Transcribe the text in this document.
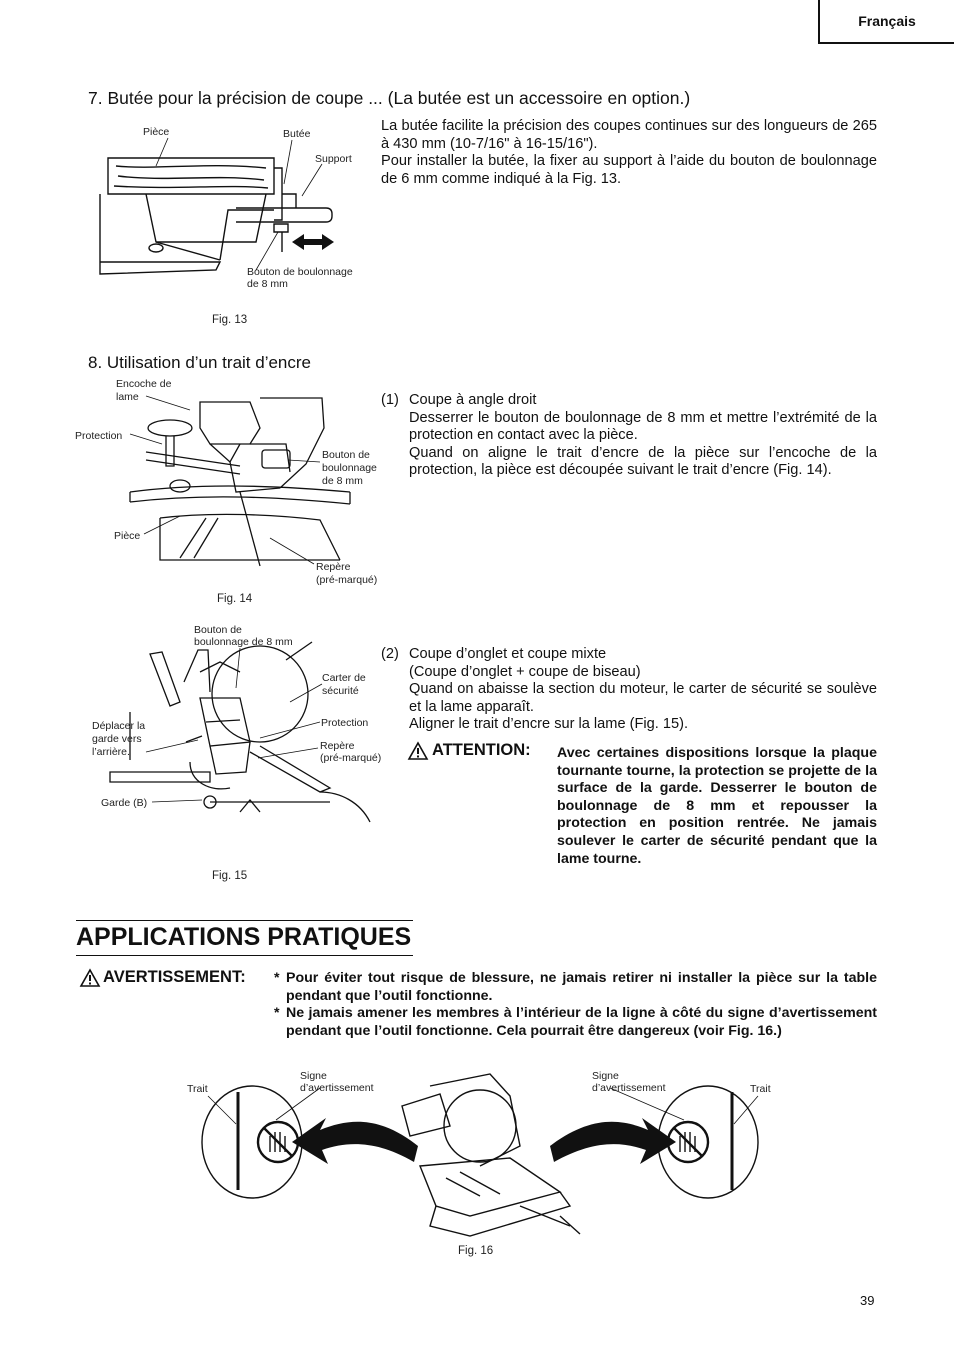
Français
7. Butée pour la précision de coupe ... (La butée est un accessoire en option.)
Pièce	Butée
Support
Bouton de boulonnage
de 8 mm
Fig. 13
La butée facilite la précision des coupes continues sur des longueurs de 265 à 430 mm (10-7/16" à 16-15/16").
Pour installer la butée, la fixer au support à l’aide du bouton de boulonnage de 6 mm comme indiqué à la Fig. 13.
8. Utilisation d’un trait d’encre
Encoche de
lame
Protection
Bouton de
boulonnage
de 8 mm
Pièce
Repère
(pré-marqué)
Fig. 14
(1) Coupe à angle droit
Desserrer le bouton de boulonnage de 8 mm et mettre l’extrémité de la protection en contact avec la pièce.
Quand on aligne le trait d’encre de la pièce sur l’encoche de la protection, la pièce est découpée suivant le trait d’encre (Fig. 14).
Bouton de
boulonnage de 8 mm
Carter de
sécurité
Protection
Repère
(pré-marqué)
Déplacer la
garde vers
l’arrière.
Garde (B)
Fig. 15
(2) Coupe d’onglet et coupe mixte
(Coupe d’onglet + coupe de biseau)
Quand on abaisse la section du moteur, le carter de sécurité se soulève et la lame apparaît.
Aligner le trait d’encre sur la lame (Fig. 15).
ATTENTION: Avec certaines dispositions lorsque la plaque tournante tourne, la protection se projette de la surface de la garde. Desserrer le bouton de boulonnage de 8 mm et repousser la protection en position rentrée. Ne jamais soulever le carter de sécurité pendant que la lame tourne.
APPLICATIONS PRATIQUES
AVERTISSEMENT: * Pour éviter tout risque de blessure, ne jamais retirer ni installer la pièce sur la table pendant que l’outil fonctionne.
* Ne jamais amener les membres à l’intérieur de la ligne à côté du signe d’avertissement pendant que l’outil fonctionne. Cela pourrait être dangereux (voir Fig. 16.)
Trait
Signe
d’avertissement
Signe
d’avertissement	Trait
Fig. 16
39
